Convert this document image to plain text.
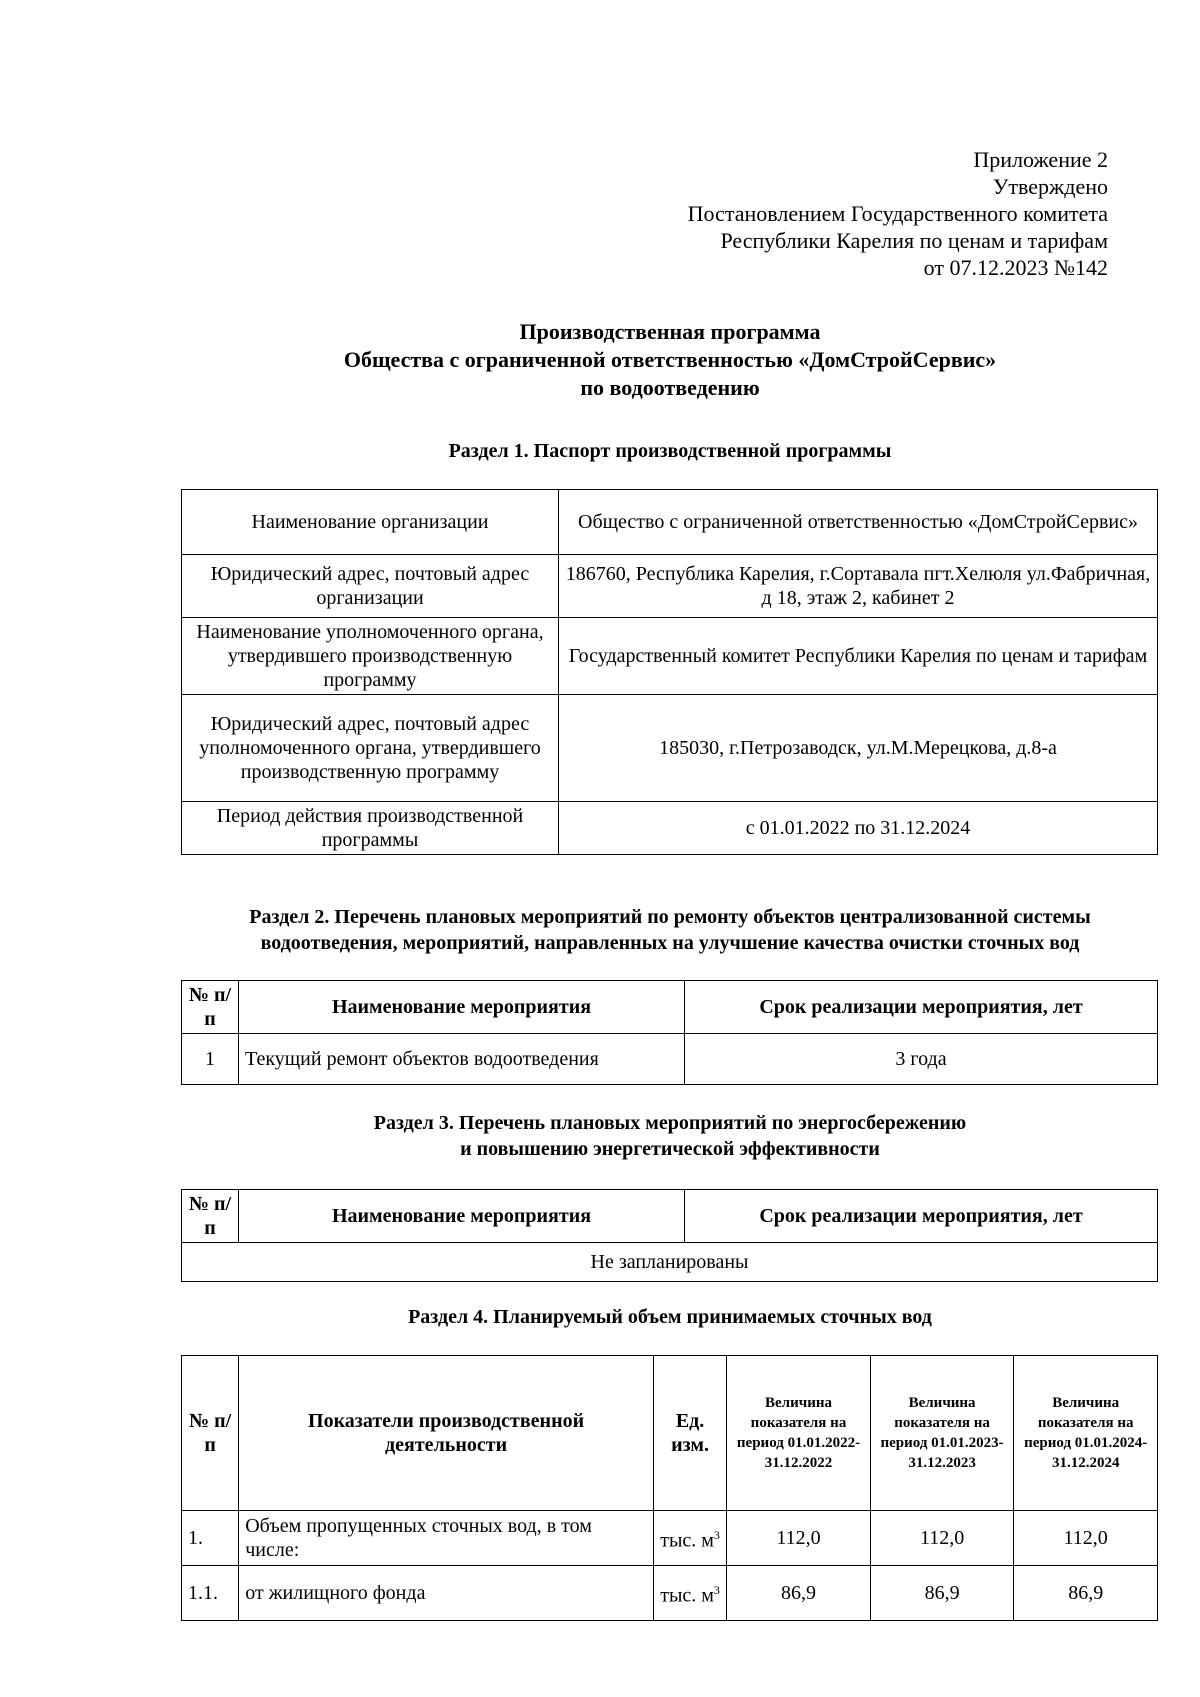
Приложение 2
Утверждено
Постановлением Государственного комитета
Республики Карелия по ценам и тарифам
от 07.12.2023 №142
Производственная программа
Общества с ограниченной ответственностью «ДомСтройСервис»
по водоотведению
Раздел 1. Паспорт производственной программы
Наименование организации	Общество с ограниченной ответственностью «ДомСтройСервис»
Юридический адрес, почтовый адрес организации	186760, Республика Карелия, г.Сортавала пгт.Хелюля ул.Фабричная, д 18, этаж 2, кабинет 2
Наименование уполномоченного органа, утвердившего производственную программу	Государственный комитет Республики Карелия по ценам и тарифам
Юридический адрес, почтовый адрес уполномоченного органа, утвердившего производственную программу	185030, г.Петрозаводск, ул.М.Мерецкова, д.8-а
Период действия производственной программы	с 01.01.2022 по 31.12.2024
Раздел 2. Перечень плановых мероприятий по ремонту объектов централизованной системы
водоотведения, мероприятий, направленных на улучшение качества очистки сточных вод
№ п/п	Наименование мероприятия	Срок реализации мероприятия, лет
1	Текущий ремонт объектов водоотведения	3 года
Раздел 3. Перечень плановых мероприятий по энергосбережению
и повышению энергетической эффективности
№ п/п	Наименование мероприятия	Срок реализации мероприятия, лет
Не запланированы
Раздел 4. Планируемый объем принимаемых сточных вод
№ п/п	Показатели производственной деятельности	Ед. изм.	Величина показателя на период 01.01.2022-31.12.2022	Величина показателя на период 01.01.2023-31.12.2023	Величина показателя на период 01.01.2024-31.12.2024
1.	Объем пропущенных сточных вод, в том числе:	тыс. $м^3$	112,0	112,0	112,0
1.1.	от жилищного фонда	тыс. $м^3$	86,9	86,9	86,9
